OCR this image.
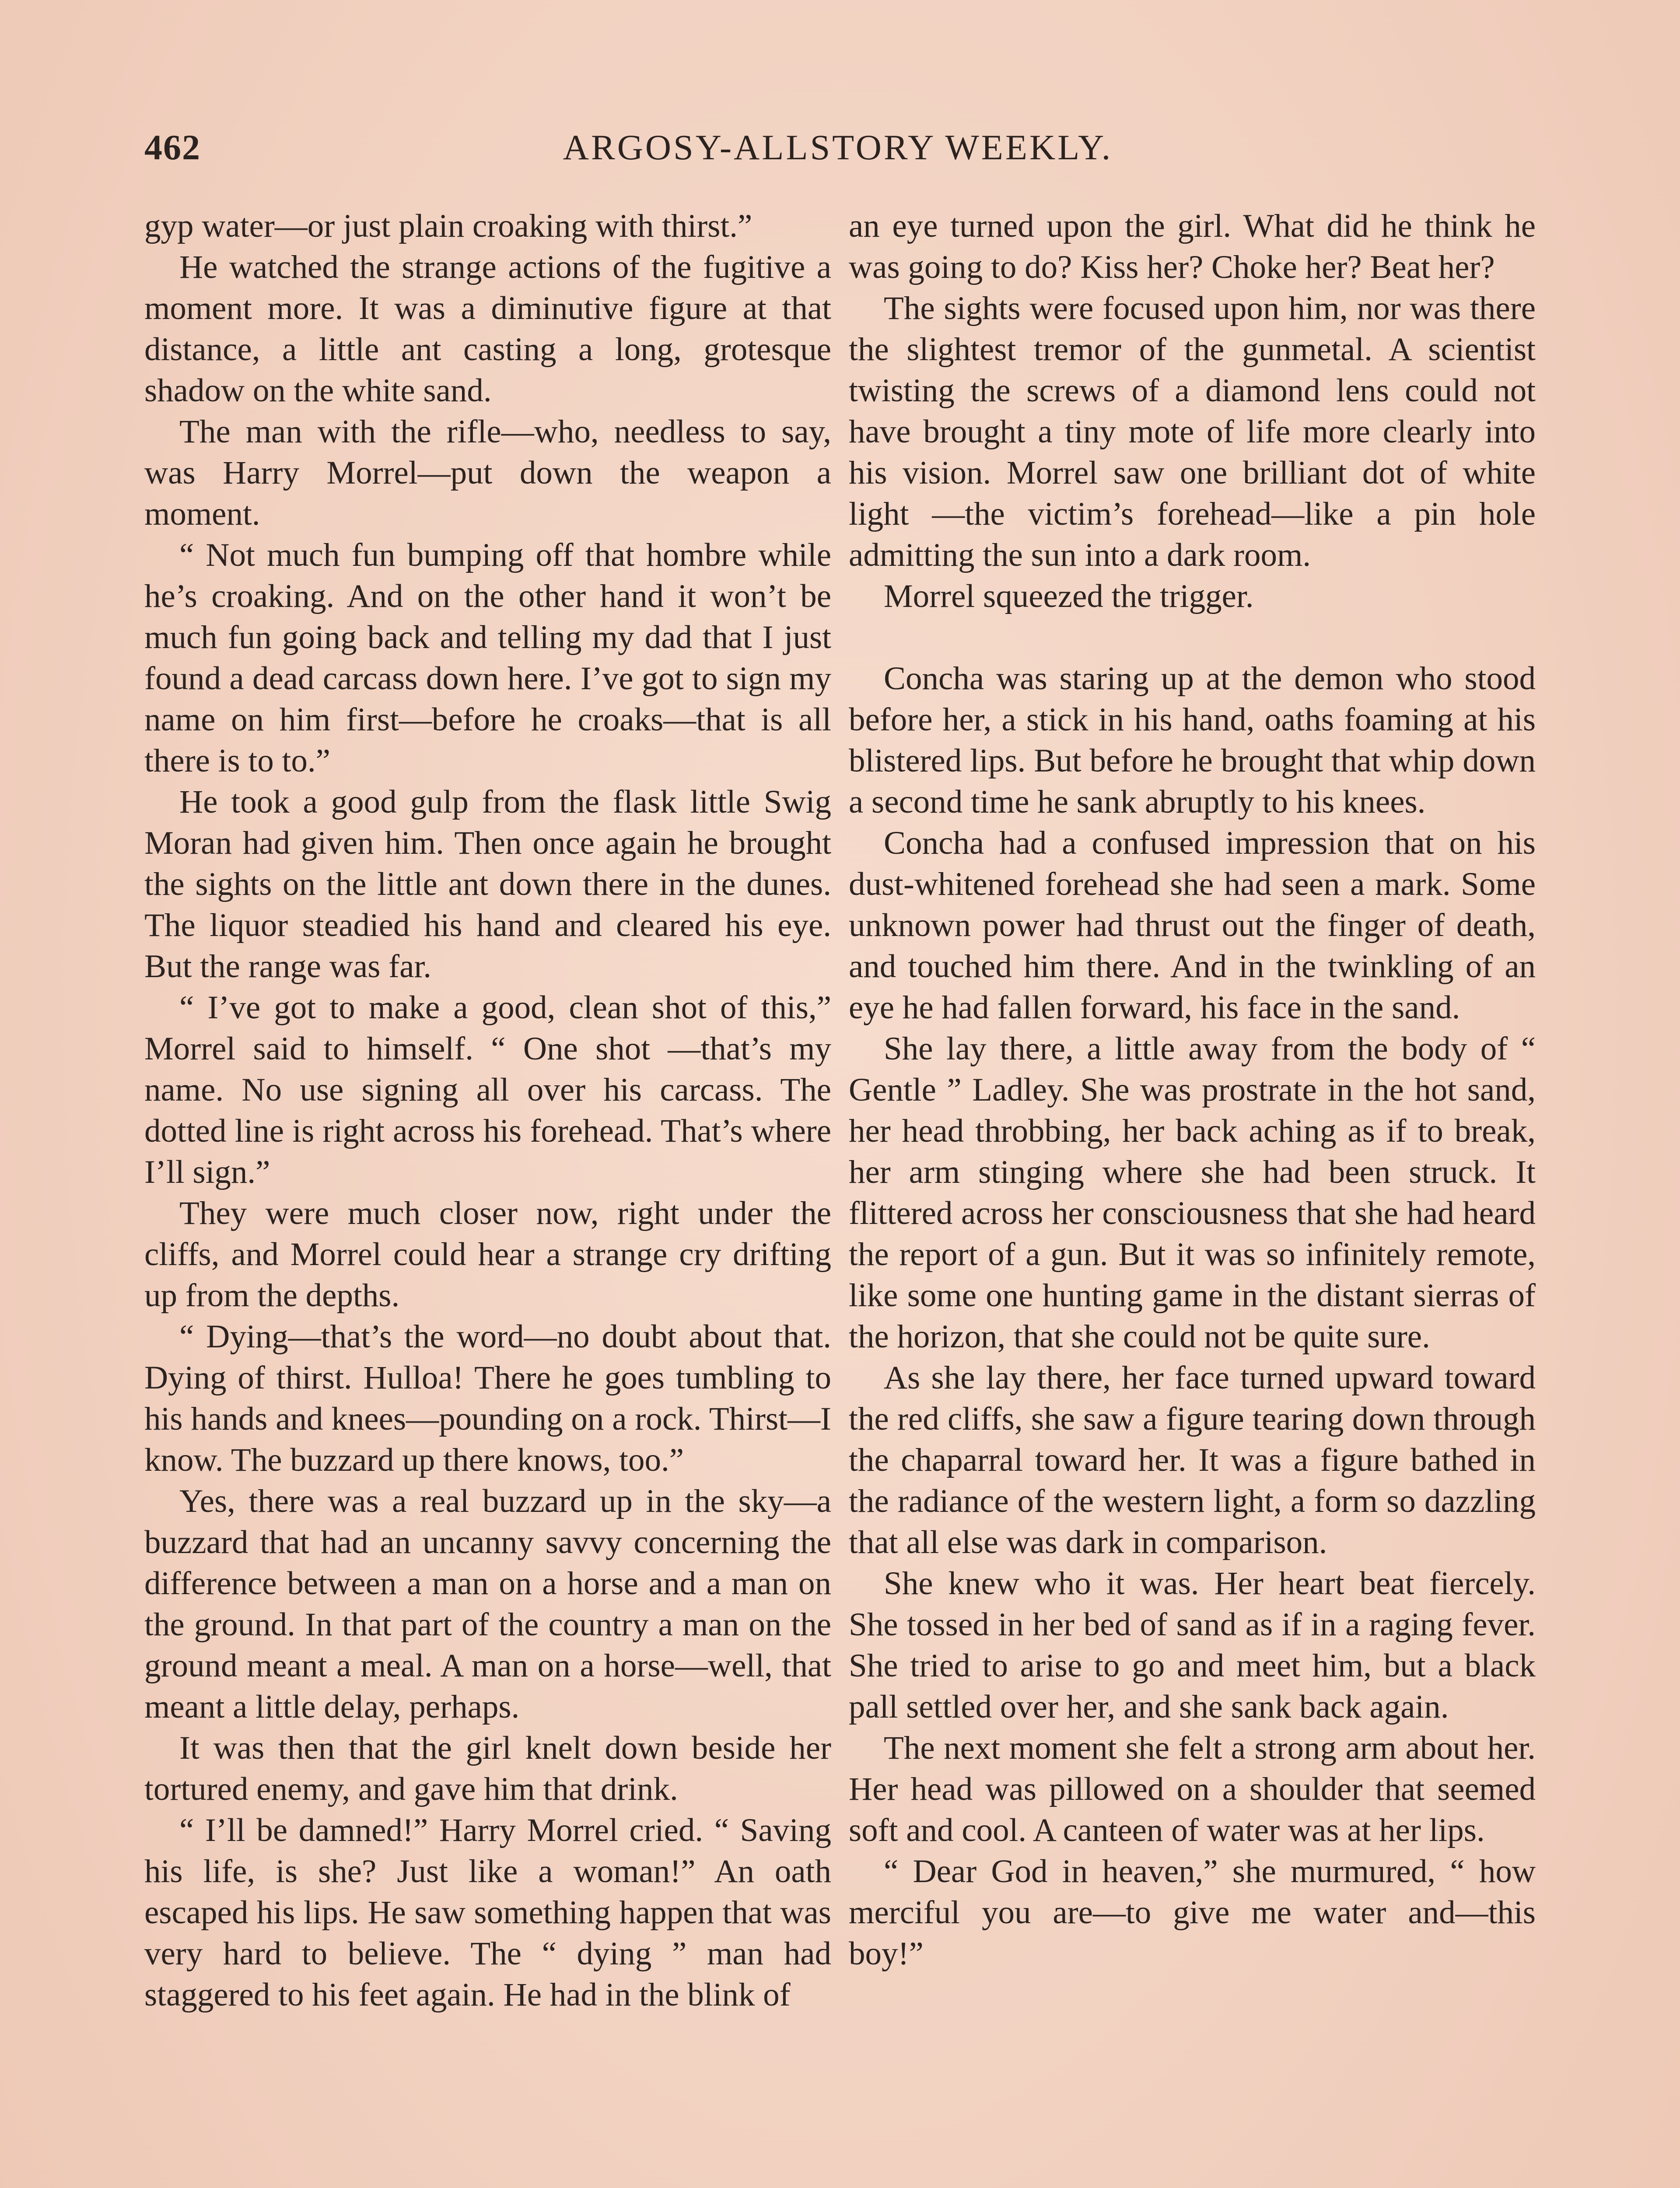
462	ARGOSY-ALLSTORY WEEKLY.

gyp water—or just plain croaking with thirst.”

He watched the strange actions of the fugitive a moment more. It was a diminutive figure at that distance, a little ant casting a long, grotesque shadow on the white sand.

The man with the rifle—who, needless to say, was Harry Morrel—put down the weapon a moment.

“ Not much fun bumping off that hombre while he’s croaking. And on the other hand it won’t be much fun going back and telling my dad that I just found a dead carcass down here. I’ve got to sign my name on him first—before he croaks—that is all there is to to.”

He took a good gulp from the flask little Swig Moran had given him. Then once again he brought the sights on the little ant down there in the dunes. The liquor steadied his hand and cleared his eye. But the range was far.

“ I’ve got to make a good, clean shot of this,” Morrel said to himself. “ One shot —that’s my name. No use signing all over his carcass. The dotted line is right across his forehead. That’s where I’ll sign.”

They were much closer now, right under the cliffs, and Morrel could hear a strange cry drifting up from the depths.

“ Dying—that’s the word—no doubt about that. Dying of thirst. Hulloa! There he goes tumbling to his hands and knees—pounding on a rock. Thirst—I know. The buzzard up there knows, too.”

Yes, there was a real buzzard up in the sky—a buzzard that had an uncanny savvy concerning the difference between a man on a horse and a man on the ground. In that part of the country a man on the ground meant a meal. A man on a horse—well, that meant a little delay, perhaps.

It was then that the girl knelt down beside her tortured enemy, and gave him that drink.

“ I’ll be damned!” Harry Morrel cried. “ Saving his life, is she? Just like a woman!” An oath escaped his lips. He saw something happen that was very hard to believe. The “ dying ” man had staggered to his feet again. He had in the blink of

an eye turned upon the girl. What did he think he was going to do? Kiss her? Choke her? Beat her?

The sights were focused upon him, nor was there the slightest tremor of the gunmetal. A scientist twisting the screws of a diamond lens could not have brought a tiny mote of life more clearly into his vision. Morrel saw one brilliant dot of white light —the victim’s forehead—like a pin hole admitting the sun into a dark room.

Morrel squeezed the trigger.

Concha was staring up at the demon who stood before her, a stick in his hand, oaths foaming at his blistered lips. But before he brought that whip down a second time he sank abruptly to his knees.

Concha had a confused impression that on his dust-whitened forehead she had seen a mark. Some unknown power had thrust out the finger of death, and touched him there. And in the twinkling of an eye he had fallen forward, his face in the sand.

She lay there, a little away from the body of “ Gentle ” Ladley. She was prostrate in the hot sand, her head throbbing, her back aching as if to break, her arm stinging where she had been struck. It flittered across her consciousness that she had heard the report of a gun. But it was so infinitely remote, like some one hunting game in the distant sierras of the horizon, that she could not be quite sure.

As she lay there, her face turned upward toward the red cliffs, she saw a figure tearing down through the chaparral toward her. It was a figure bathed in the radiance of the western light, a form so dazzling that all else was dark in comparison.

She knew who it was. Her heart beat fiercely. She tossed in her bed of sand as if in a raging fever. She tried to arise to go and meet him, but a black pall settled over her, and she sank back again.

The next moment she felt a strong arm about her. Her head was pillowed on a shoulder that seemed soft and cool. A canteen of water was at her lips.

“ Dear God in heaven,” she murmured, “ how merciful you are—to give me water and—this boy!”
